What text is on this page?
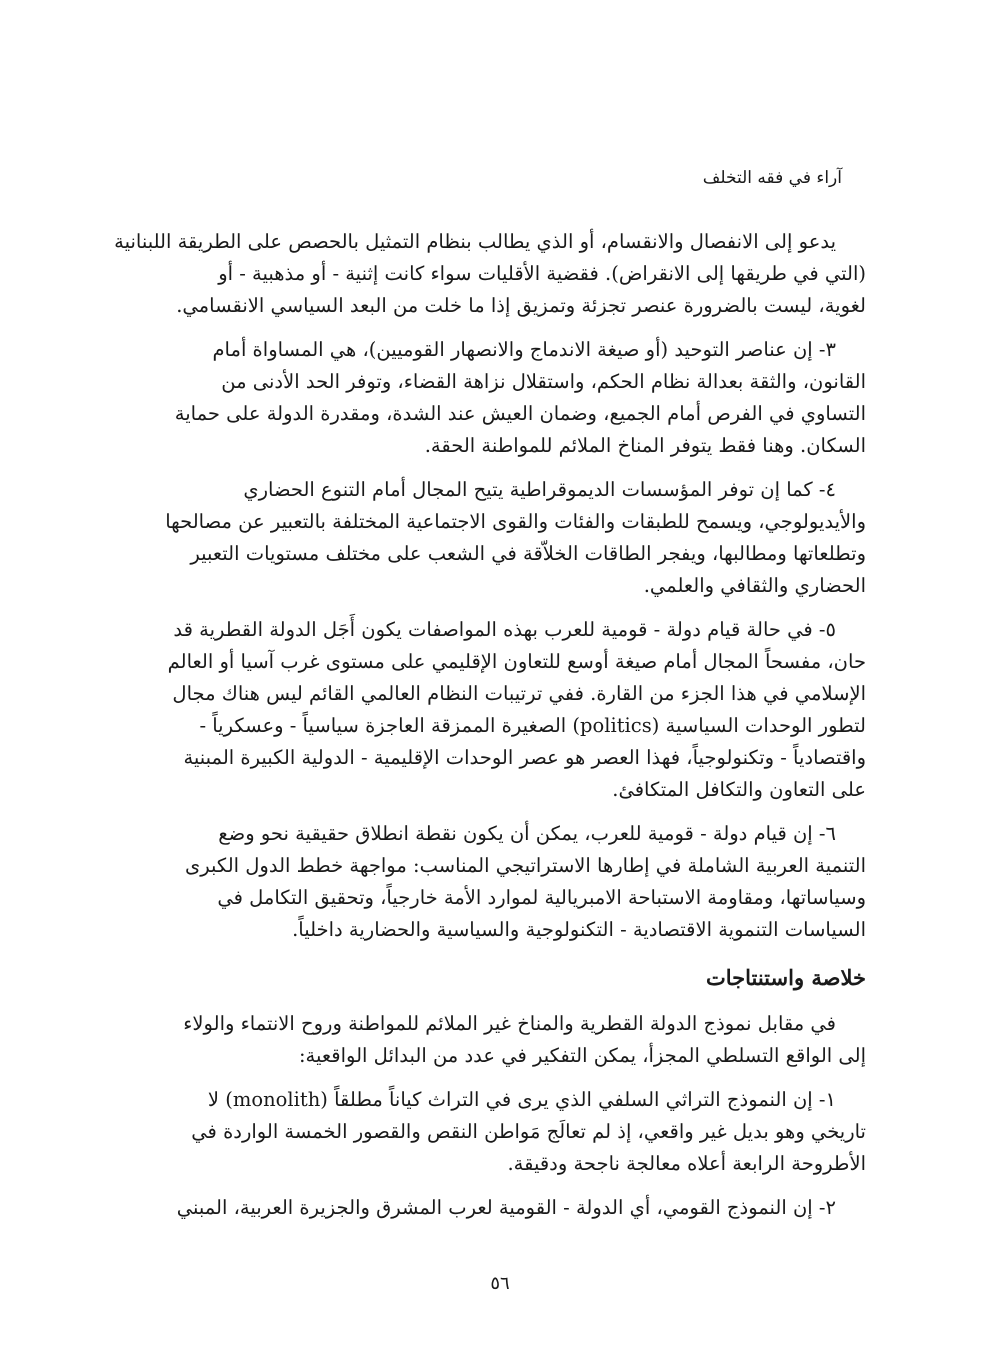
آراء في فقه التخلف
يدعو إلى الانفصال والانقسام، أو الذي يطالب بنظام التمثيل بالحصص على الطريقة اللبنانية
(التي في طريقها إلى الانقراض). فقضية الأقليات سواء كانت إثنية - أو مذهبية - أو
لغوية، ليست بالضرورة عنصر تجزئة وتمزيق إذا ما خلت من البعد السياسي الانقسامي.
٣- إن عناصر التوحيد (أو صيغة الاندماج والانصهار القوميين)، هي المساواة أمام
القانون، والثقة بعدالة نظام الحكم، واستقلال نزاهة القضاء، وتوفر الحد الأدنى من
التساوي في الفرص أمام الجميع، وضمان العيش عند الشدة، ومقدرة الدولة على حماية
السكان. وهنا فقط يتوفر المناخ الملائم للمواطنة الحقة.
٤- كما إن توفر المؤسسات الديموقراطية يتيح المجال أمام التنوع الحضاري
والأيديولوجي، ويسمح للطبقات والفئات والقوى الاجتماعية المختلفة بالتعبير عن مصالحها
وتطلعاتها ومطالبها، ويفجر الطاقات الخلاّقة في الشعب على مختلف مستويات التعبير
الحضاري والثقافي والعلمي.
٥- في حالة قيام دولة - قومية للعرب بهذه المواصفات يكون أَجَل الدولة القطرية قد
حان، مفسحاً المجال أمام صيغة أوسع للتعاون الإقليمي على مستوى غرب آسيا أو العالم
الإسلامي في هذا الجزء من القارة. ففي ترتيبات النظام العالمي القائم ليس هناك مجال
لتطور الوحدات السياسية (politics) الصغيرة الممزقة العاجزة سياسياً - وعسكرياً -
واقتصادياً - وتكنولوجياً، فهذا العصر هو عصر الوحدات الإقليمية - الدولية الكبيرة المبنية
على التعاون والتكافل المتكافئ.
٦- إن قيام دولة - قومية للعرب، يمكن أن يكون نقطة انطلاق حقيقية نحو وضع
التنمية العربية الشاملة في إطارها الاستراتيجي المناسب: مواجهة خطط الدول الكبرى
وسياساتها، ومقاومة الاستباحة الامبريالية لموارد الأمة خارجياً، وتحقيق التكامل في
السياسات التنموية الاقتصادية - التكنولوجية والسياسية والحضارية داخلياً.
خلاصة واستنتاجات
في مقابل نموذج الدولة القطرية والمناخ غير الملائم للمواطنة وروح الانتماء والولاء
إلى الواقع التسلطي المجزأ، يمكن التفكير في عدد من البدائل الواقعية:
١- إن النموذج التراثي السلفي الذي يرى في التراث كياناً مطلقاً (monolith) لا
تاريخي وهو بديل غير واقعي، إذ لم تعالَج مَواطن النقص والقصور الخمسة الواردة في
الأطروحة الرابعة أعلاه معالجة ناجحة ودقيقة.
٢- إن النموذج القومي، أي الدولة - القومية لعرب المشرق والجزيرة العربية، المبني
٥٦
